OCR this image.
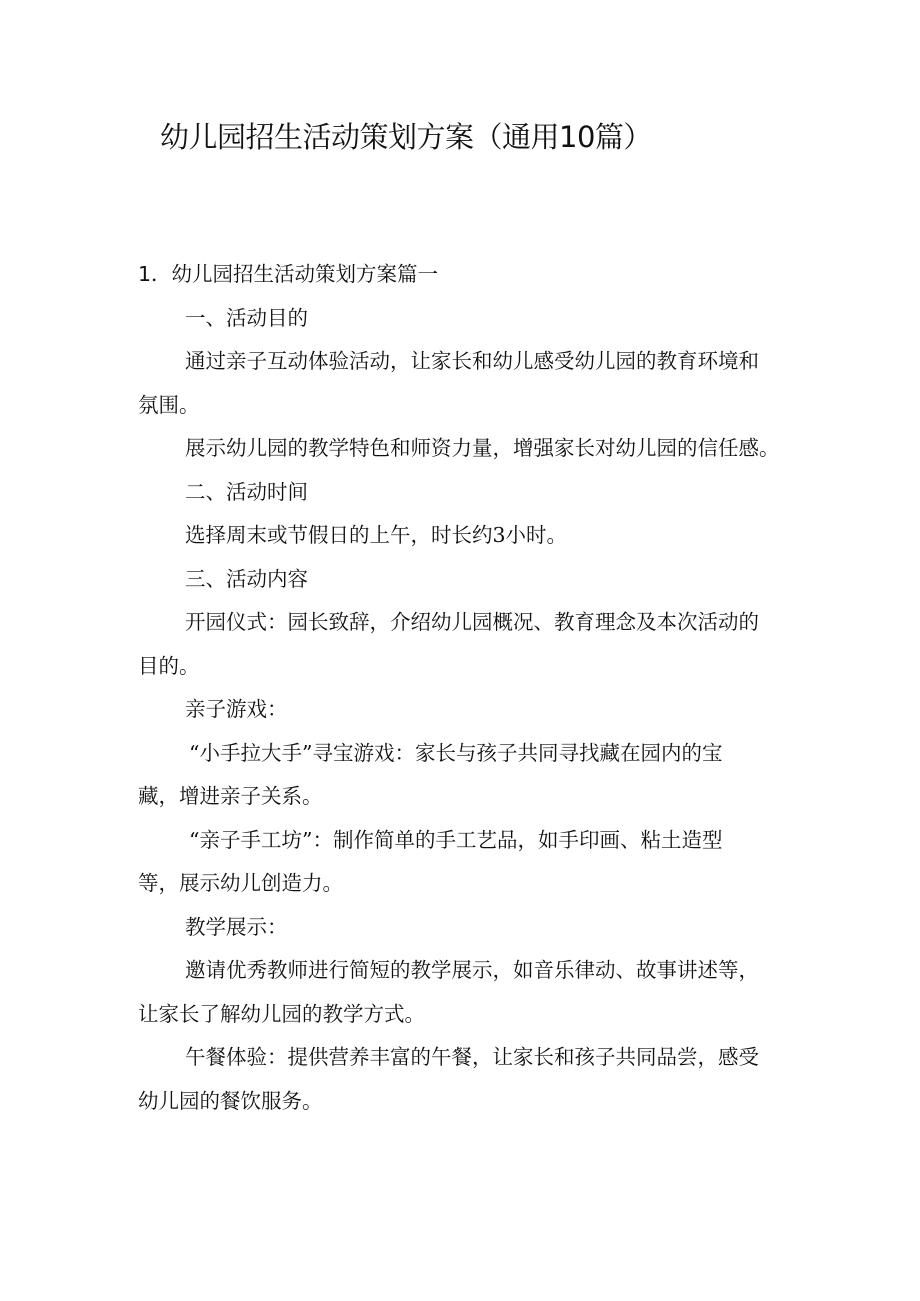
幼儿园招生活动策划方案（通用10篇）

1．幼儿园招生活动策划方案篇一

一、活动目的

通过亲子互动体验活动，让家长和幼儿感受幼儿园的教育环境和

氛围。

展示幼儿园的教学特色和师资力量，增强家长对幼儿园的信任感。

二、活动时间

选择周末或节假日的上午，时长约3小时。

三、活动内容

开园仪式：园长致辞，介绍幼儿园概况、教育理念及本次活动的

目的。

亲子游戏：

“小手拉大手”寻宝游戏：家长与孩子共同寻找藏在园内的宝

藏，增进亲子关系。

“亲子手工坊”：制作简单的手工艺品，如手印画、粘土造型

等，展示幼儿创造力。

教学展示：

邀请优秀教师进行简短的教学展示，如音乐律动、故事讲述等，

让家长了解幼儿园的教学方式。

午餐体验：提供营养丰富的午餐，让家长和孩子共同品尝，感受

幼儿园的餐饮服务。
